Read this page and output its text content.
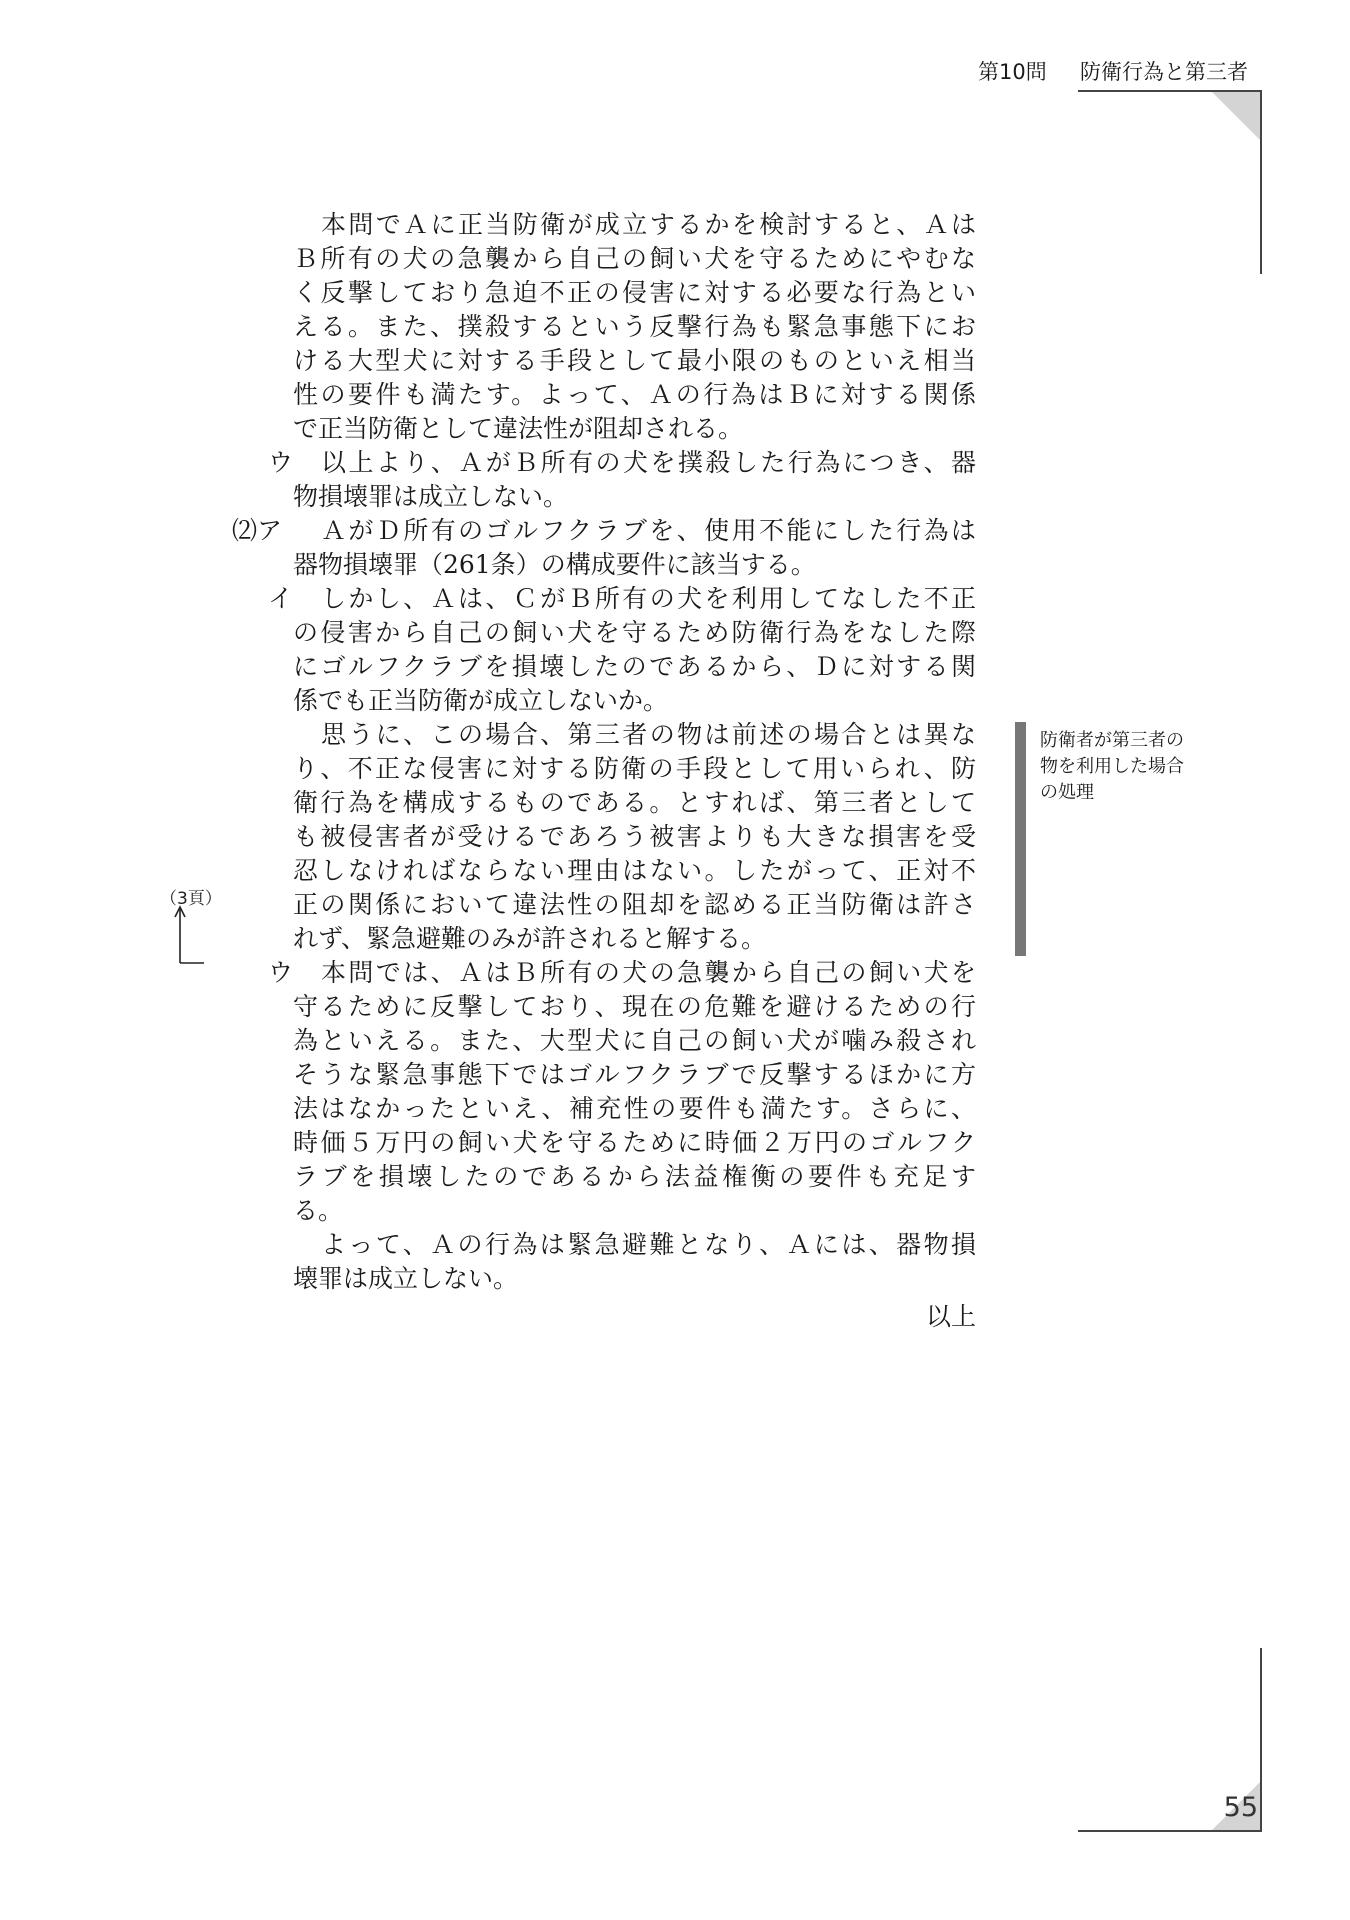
第10問 防衛行為と第三者
本問でＡに正当防衛が成立するかを検討すると、Ａは
Ｂ所有の犬の急襲から自己の飼い犬を守るためにやむな
く反撃しており急迫不正の侵害に対する必要な行為とい
える。また、撲殺するという反撃行為も緊急事態下にお
ける大型犬に対する手段として最小限のものといえ相当
性の要件も満たす。よって、Ａの行為はＢに対する関係
で正当防衛として違法性が阻却される。
ウ 以上より、ＡがＢ所有の犬を撲殺した行為につき、器
物損壊罪は成立しない。
⑵ア ＡがＤ所有のゴルフクラブを、使用不能にした行為は
器物損壊罪（261条）の構成要件に該当する。
イ しかし、Ａは、ＣがＢ所有の犬を利用してなした不正
の侵害から自己の飼い犬を守るため防衛行為をなした際
にゴルフクラブを損壊したのであるから、Ｄに対する関
係でも正当防衛が成立しないか。
思うに、この場合、第三者の物は前述の場合とは異な
り、不正な侵害に対する防衛の手段として用いられ、防
衛行為を構成するものである。とすれば、第三者として
も被侵害者が受けるであろう被害よりも大きな損害を受
忍しなければならない理由はない。したがって、正対不
正の関係において違法性の阻却を認める正当防衛は許さ
れず、緊急避難のみが許されると解する。
ウ 本問では、ＡはＢ所有の犬の急襲から自己の飼い犬を
守るために反撃しており、現在の危難を避けるための行
為といえる。また、大型犬に自己の飼い犬が噛み殺され
そうな緊急事態下ではゴルフクラブで反撃するほかに方
法はなかったといえ、補充性の要件も満たす。さらに、
時価５万円の飼い犬を守るために時価２万円のゴルフク
ラブを損壊したのであるから法益権衡の要件も充足す
る。
よって、Ａの行為は緊急避難となり、Ａには、器物損
壊罪は成立しない。
以上
防衛者が第三者の
物を利用した場合
の処理
（3頁）
55
